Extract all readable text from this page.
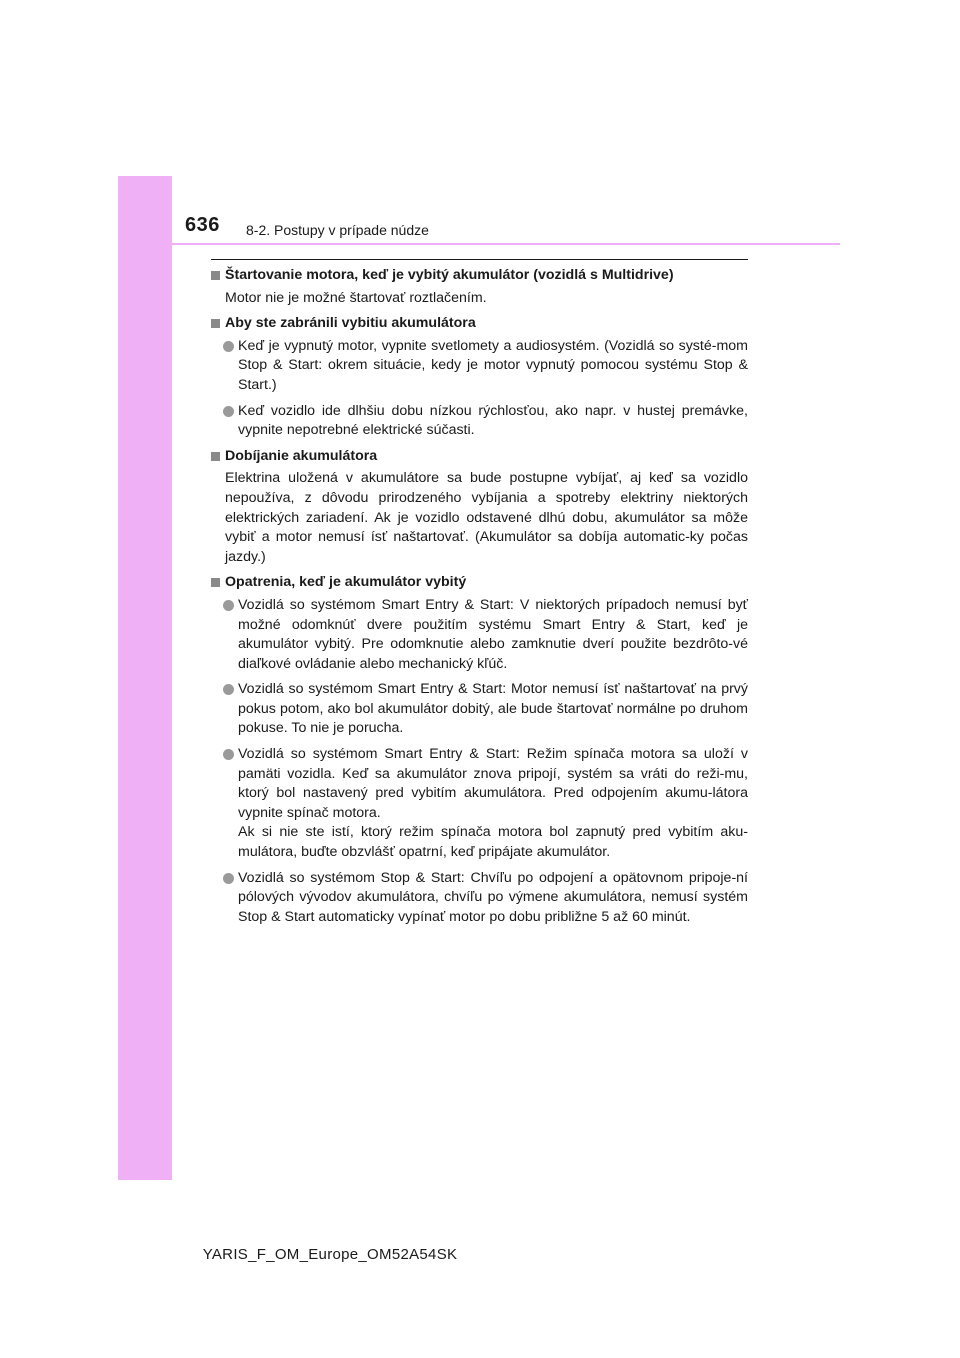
636 8-2. Postupy v prípade núdze
Štartovanie motora, keď je vybitý akumulátor (vozidlá s Multidrive)
Motor nie je možné štartovať roztlačením.
Aby ste zabránili vybitiu akumulátora
Keď je vypnutý motor, vypnite svetlomety a audiosystém. (Vozidlá so systé-mom Stop & Start: okrem situácie, kedy je motor vypnutý pomocou systému Stop & Start.)
Keď vozidlo ide dlhšiu dobu nízkou rýchlosťou, ako napr. v hustej premávke, vypnite nepotrebné elektrické súčasti.
Dobíjanie akumulátora
Elektrina uložená v akumulátore sa bude postupne vybíjať, aj keď sa vozidlo nepoužíva, z dôvodu prirodzeného vybíjania a spotreby elektriny niektorých elektrických zariadení. Ak je vozidlo odstavené dlhú dobu, akumulátor sa môže vybiť a motor nemusí ísť naštartovať. (Akumulátor sa dobíja automatic-ky počas jazdy.)
Opatrenia, keď je akumulátor vybitý
Vozidlá so systémom Smart Entry & Start: V niektorých prípadoch nemusí byť možné odomknúť dvere použitím systému Smart Entry & Start, keď je akumulátor vybitý. Pre odomknutie alebo zamknutie dverí použite bezdrôto-vé diaľkové ovládanie alebo mechanický kľúč.
Vozidlá so systémom Smart Entry & Start: Motor nemusí ísť naštartovať na prvý pokus potom, ako bol akumulátor dobitý, ale bude štartovať normálne po druhom pokuse. To nie je porucha.
Vozidlá so systémom Smart Entry & Start: Režim spínača motora sa uloží v pamäti vozidla. Keď sa akumulátor znova pripojí, systém sa vráti do reži-mu, ktorý bol nastavený pred vybitím akumulátora. Pred odpojením akumu-látora vypnite spínač motora.
Ak si nie ste istí, ktorý režim spínača motora bol zapnutý pred vybitím aku-mulátora, buďte obzvlášť opatrní, keď pripájate akumulátor.
Vozidlá so systémom Stop & Start: Chvíľu po odpojení a opätovnom pripoje-ní pólových vývodov akumulátora, chvíľu po výmene akumulátora, nemusí systém Stop & Start automaticky vypínať motor po dobu približne 5 až 60 minút.
YARIS_F_OM_Europe_OM52A54SK
